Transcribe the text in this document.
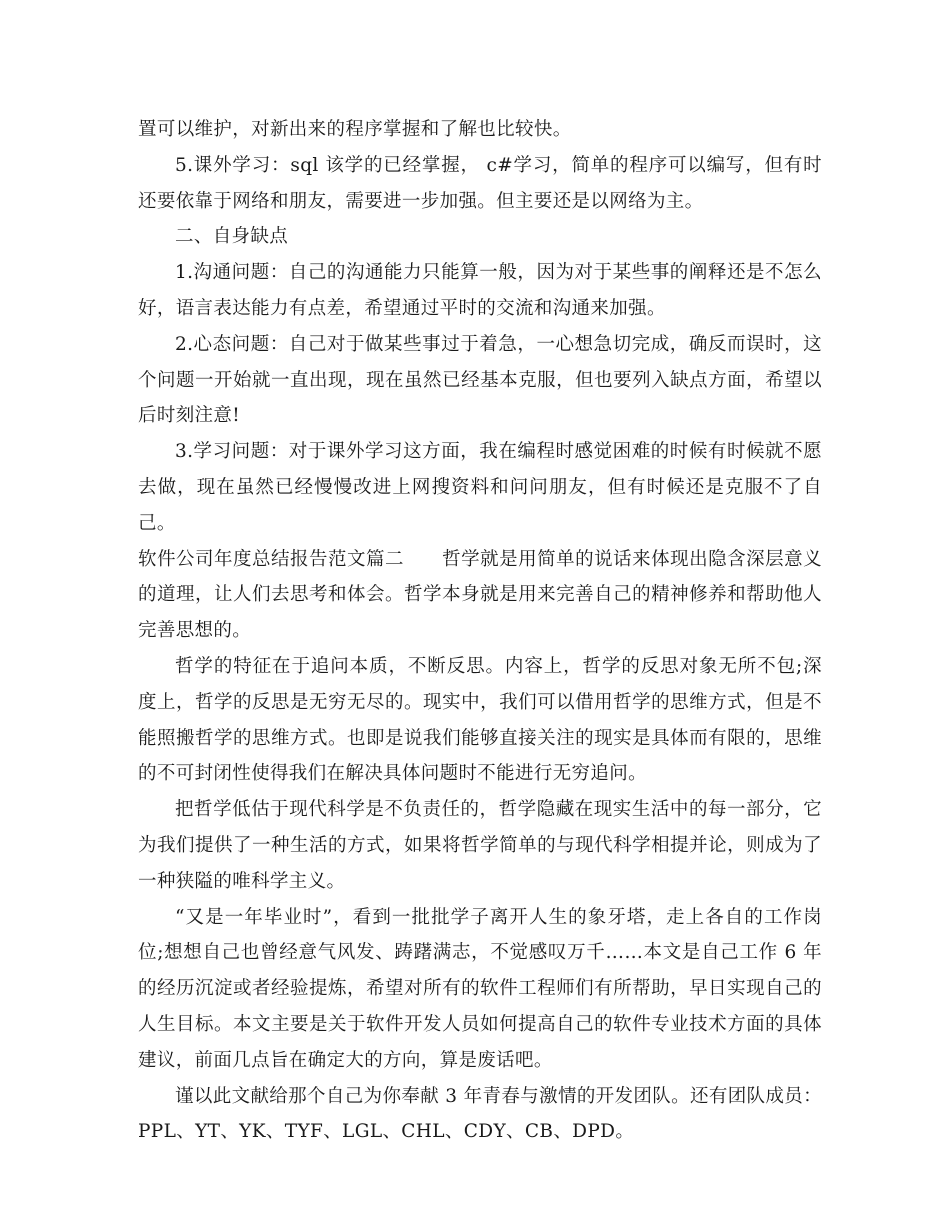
置可以维护，对新出来的程序掌握和了解也比较快。

5.课外学习：sql 该学的已经掌握， c#学习，简单的程序可以编写，但有时还要依靠于网络和朋友，需要进一步加强。但主要还是以网络为主。

二、自身缺点

1.沟通问题：自己的沟通能力只能算一般，因为对于某些事的阐释还是不怎么好，语言表达能力有点差，希望通过平时的交流和沟通来加强。

2.心态问题：自己对于做某些事过于着急，一心想急切完成，确反而误时，这个问题一开始就一直出现，现在虽然已经基本克服，但也要列入缺点方面，希望以后时刻注意!

3.学习问题：对于课外学习这方面，我在编程时感觉困难的时候有时候就不愿去做，现在虽然已经慢慢改进上网搜资料和问问朋友，但有时候还是克服不了自己。

软件公司年度总结报告范文篇二　　哲学就是用简单的说话来体现出隐含深层意义的道理，让人们去思考和体会。哲学本身就是用来完善自己的精神修养和帮助他人完善思想的。

哲学的特征在于追问本质，不断反思。内容上，哲学的反思对象无所不包;深度上，哲学的反思是无穷无尽的。现实中，我们可以借用哲学的思维方式，但是不能照搬哲学的思维方式。也即是说我们能够直接关注的现实是具体而有限的，思维的不可封闭性使得我们在解决具体问题时不能进行无穷追问。

把哲学低估于现代科学是不负责任的，哲学隐藏在现实生活中的每一部分，它为我们提供了一种生活的方式，如果将哲学简单的与现代科学相提并论，则成为了一种狭隘的唯科学主义。

“又是一年毕业时”，看到一批批学子离开人生的象牙塔，走上各自的工作岗位;想想自己也曾经意气风发、踌躇满志，不觉感叹万千……本文是自己工作 6 年的经历沉淀或者经验提炼，希望对所有的软件工程师们有所帮助，早日实现自己的人生目标。本文主要是关于软件开发人员如何提高自己的软件专业技术方面的具体建议，前面几点旨在确定大的方向，算是废话吧。

谨以此文献给那个自己为你奉献 3 年青春与激情的开发团队。还有团队成员：PPL、YT、YK、TYF、LGL、CHL、CDY、CB、DPD。
